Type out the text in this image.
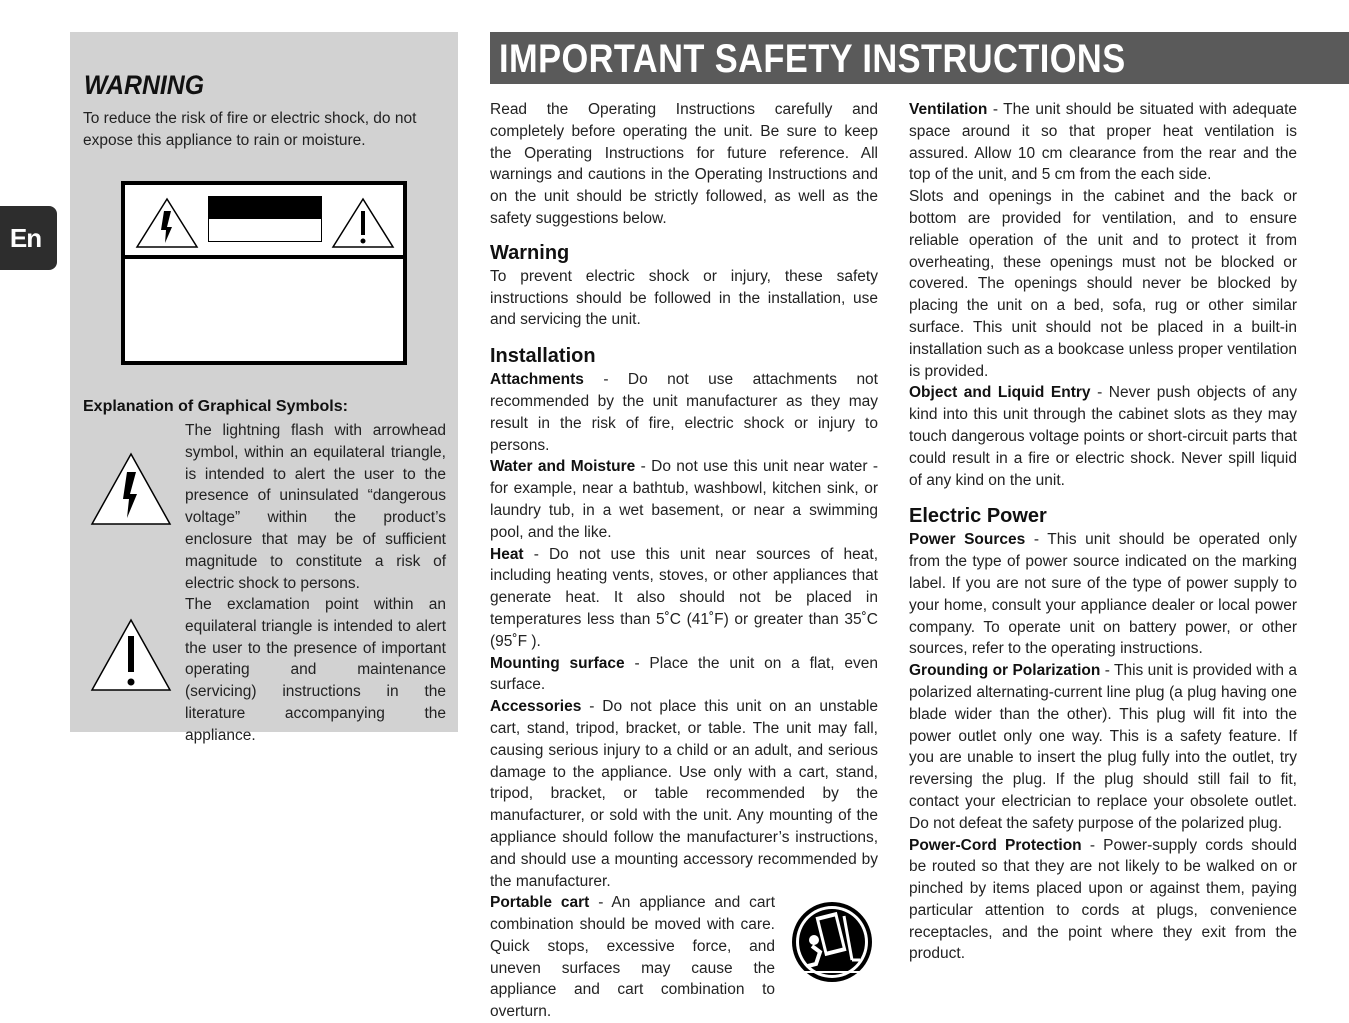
En
WARNING

To reduce the risk of fire or electric shock, do not expose this appliance to rain or moisture.

Explanation of Graphical Symbols:

The lightning flash with arrowhead symbol, within an equilateral triangle, is intended to alert the user to the presence of uninsulated “dangerous voltage” within the product’s enclosure that may be of sufficient magnitude to constitute a risk of electric shock to persons.

The exclamation point within an equilateral triangle is intended to alert the user to the presence of important operating and maintenance (servicing) instructions in the literature accompanying the appliance.

IMPORTANT SAFETY INSTRUCTIONS

Read the Operating Instructions carefully and completely before operating the unit. Be sure to keep the Operating Instructions for future reference. All warnings and cautions in the Operating Instructions and on the unit should be strictly followed, as well as the safety suggestions below.

Warning

To prevent electric shock or injury, these safety instructions should be followed in the installation, use and servicing the unit.

Installation

Attachments - Do not use attachments not recommended by the unit manufacturer as they may result in the risk of fire, electric shock or injury to persons.

Water and Moisture - Do not use this unit near water - for example, near a bathtub, washbowl, kitchen sink, or laundry tub, in a wet basement, or near a swimming pool, and the like.

Heat - Do not use this unit near sources of heat, including heating vents, stoves, or other appliances that generate heat. It also should not be placed in temperatures less than 5˚C (41˚F) or greater than 35˚C (95˚F ).

Mounting surface - Place the unit on a flat, even surface.

Accessories - Do not place this unit on an unstable cart, stand, tripod, bracket, or table. The unit may fall, causing serious injury to a child or an adult, and serious damage to the appliance. Use only with a cart, stand, tripod, bracket, or table recommended by the manufacturer, or sold with the unit. Any mounting of the appliance should follow the manufacturer’s instructions, and should use a mounting accessory recommended by the manufacturer.

Portable cart - An appliance and cart combination should be moved with care. Quick stops, excessive force, and uneven surfaces may cause the appliance and cart combination to overturn.

Ventilation - The unit should be situated with adequate space around it so that proper heat ventilation is assured. Allow 10 cm clearance from the rear and the top of the unit, and 5 cm from the each side.

Slots and openings in the cabinet and the back or bottom are provided for ventilation, and to ensure reliable operation of the unit and to protect it from overheating, these openings must not be blocked or covered. The openings should never be blocked by placing the unit on a bed, sofa, rug or other similar surface. This unit should not be placed in a built-in installation such as a bookcase unless proper ventilation is provided.

Object and Liquid Entry - Never push objects of any kind into this unit through the cabinet slots as they may touch dangerous voltage points or short-circuit parts that could result in a fire or electric shock. Never spill liquid of any kind on the unit.

Electric Power

Power Sources - This unit should be operated only from the type of power source indicated on the marking label. If you are not sure of the type of power supply to your home, consult your appliance dealer or local power company. To operate unit on battery power, or other sources, refer to the operating instructions.

Grounding or Polarization - This unit is provided with a polarized alternating-current line plug (a plug having one blade wider than the other). This plug will fit into the power outlet only one way. This is a safety feature. If you are unable to insert the plug fully into the outlet, try reversing the plug. If the plug should still fail to fit, contact your electrician to replace your obsolete outlet. Do not defeat the safety purpose of the polarized plug.

Power-Cord Protection - Power-supply cords should be routed so that they are not likely to be walked on or pinched by items placed upon or against them, paying particular attention to cords at plugs, convenience receptacles, and the point where they exit from the product.
